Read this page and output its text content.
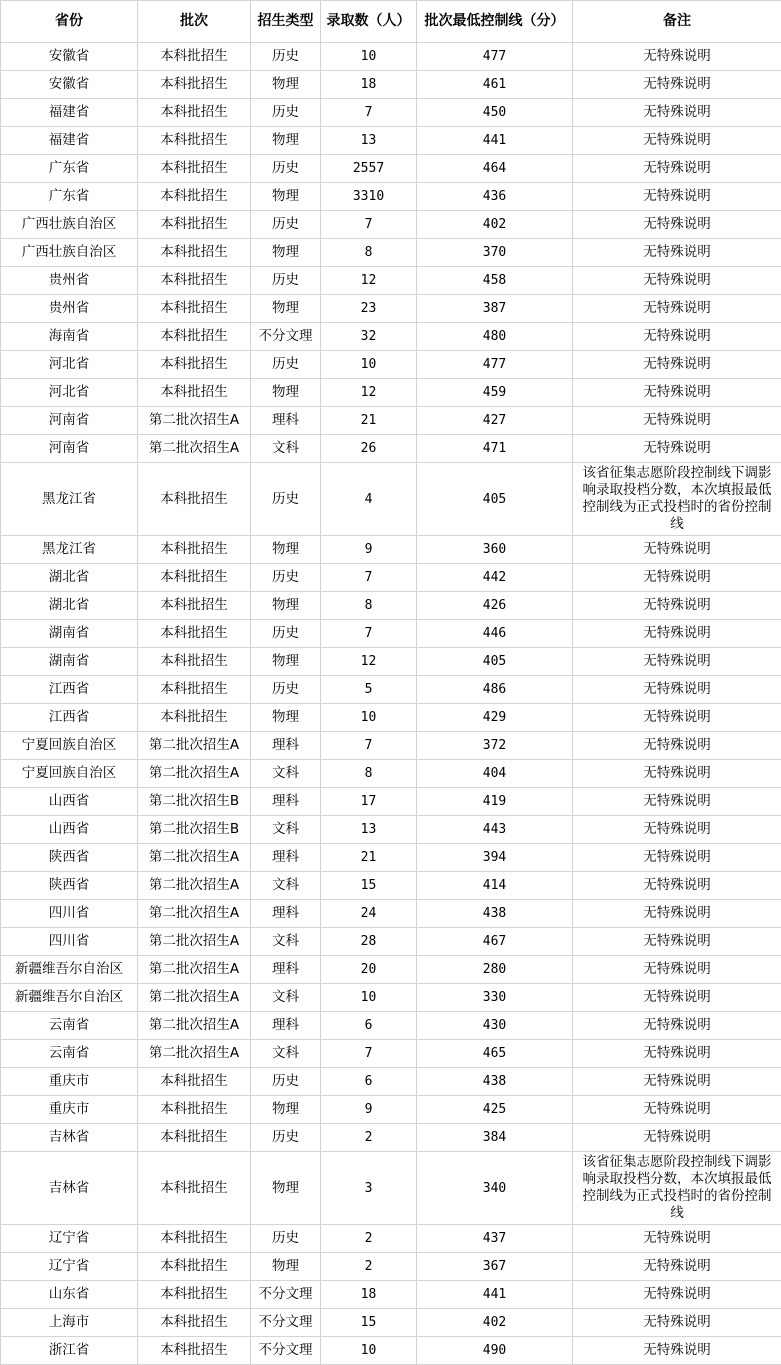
省份	批次	招生类型	录取数（人）	批次最低控制线（分）	备注
安徽省	本科批招生	历史	10	477	无特殊说明
安徽省	本科批招生	物理	18	461	无特殊说明
福建省	本科批招生	历史	7	450	无特殊说明
福建省	本科批招生	物理	13	441	无特殊说明
广东省	本科批招生	历史	2557	464	无特殊说明
广东省	本科批招生	物理	3310	436	无特殊说明
广西壮族自治区	本科批招生	历史	7	402	无特殊说明
广西壮族自治区	本科批招生	物理	8	370	无特殊说明
贵州省	本科批招生	历史	12	458	无特殊说明
贵州省	本科批招生	物理	23	387	无特殊说明
海南省	本科批招生	不分文理	32	480	无特殊说明
河北省	本科批招生	历史	10	477	无特殊说明
河北省	本科批招生	物理	12	459	无特殊说明
河南省	第二批次招生A	理科	21	427	无特殊说明
河南省	第二批次招生A	文科	26	471	无特殊说明
黑龙江省	本科批招生	历史	4	405	该省征集志愿阶段控制线下调影响录取投档分数，本次填报最低控制线为正式投档时的省份控制线
黑龙江省	本科批招生	物理	9	360	无特殊说明
湖北省	本科批招生	历史	7	442	无特殊说明
湖北省	本科批招生	物理	8	426	无特殊说明
湖南省	本科批招生	历史	7	446	无特殊说明
湖南省	本科批招生	物理	12	405	无特殊说明
江西省	本科批招生	历史	5	486	无特殊说明
江西省	本科批招生	物理	10	429	无特殊说明
宁夏回族自治区	第二批次招生A	理科	7	372	无特殊说明
宁夏回族自治区	第二批次招生A	文科	8	404	无特殊说明
山西省	第二批次招生B	理科	17	419	无特殊说明
山西省	第二批次招生B	文科	13	443	无特殊说明
陕西省	第二批次招生A	理科	21	394	无特殊说明
陕西省	第二批次招生A	文科	15	414	无特殊说明
四川省	第二批次招生A	理科	24	438	无特殊说明
四川省	第二批次招生A	文科	28	467	无特殊说明
新疆维吾尔自治区	第二批次招生A	理科	20	280	无特殊说明
新疆维吾尔自治区	第二批次招生A	文科	10	330	无特殊说明
云南省	第二批次招生A	理科	6	430	无特殊说明
云南省	第二批次招生A	文科	7	465	无特殊说明
重庆市	本科批招生	历史	6	438	无特殊说明
重庆市	本科批招生	物理	9	425	无特殊说明
吉林省	本科批招生	历史	2	384	无特殊说明
吉林省	本科批招生	物理	3	340	该省征集志愿阶段控制线下调影响录取投档分数，本次填报最低控制线为正式投档时的省份控制线
辽宁省	本科批招生	历史	2	437	无特殊说明
辽宁省	本科批招生	物理	2	367	无特殊说明
山东省	本科批招生	不分文理	18	441	无特殊说明
上海市	本科批招生	不分文理	15	402	无特殊说明
浙江省	本科批招生	不分文理	10	490	无特殊说明
